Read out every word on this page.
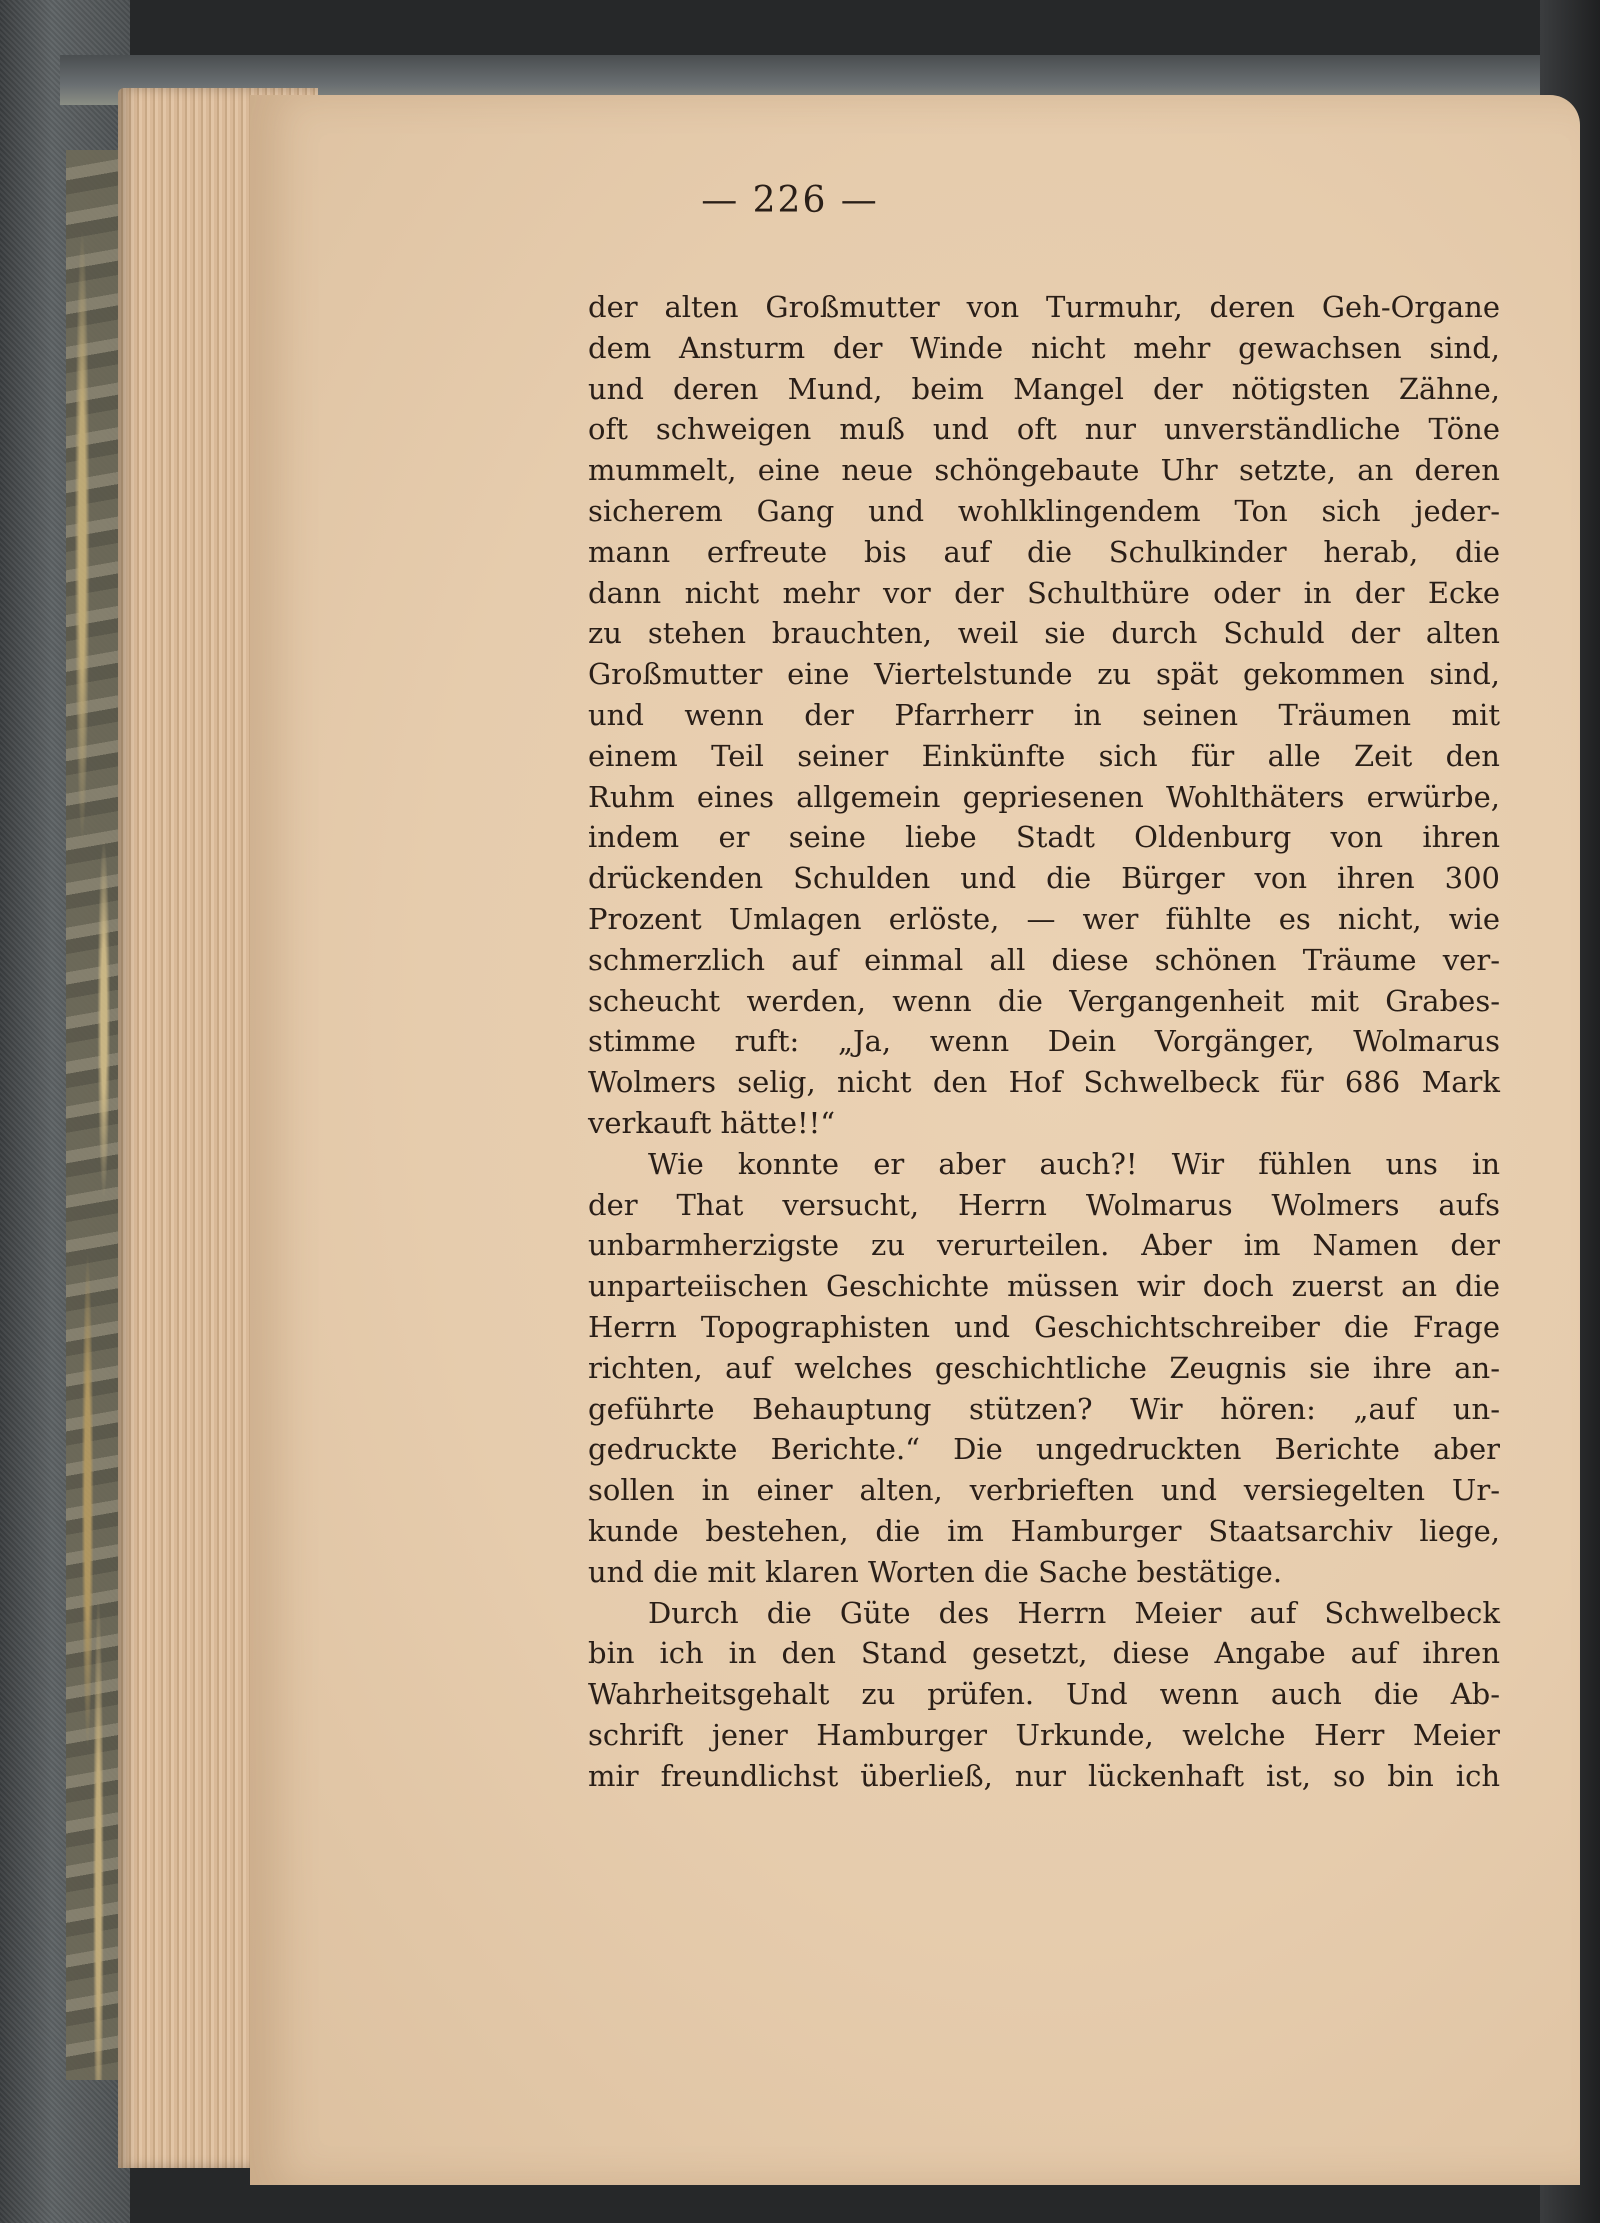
— 226 —
der alten Großmutter von Turmuhr, deren Geh-Organe
dem Ansturm der Winde nicht mehr gewachsen sind,
und deren Mund, beim Mangel der nötigsten Zähne,
oft schweigen muß und oft nur unverständliche Töne
mummelt, eine neue schöngebaute Uhr setzte, an deren
sicherem Gang und wohlklingendem Ton sich jeder-
mann erfreute bis auf die Schulkinder herab, die
dann nicht mehr vor der Schulthüre oder in der Ecke
zu stehen brauchten, weil sie durch Schuld der alten
Großmutter eine Viertelstunde zu spät gekommen sind,
und wenn der Pfarrherr in seinen Träumen mit
einem Teil seiner Einkünfte sich für alle Zeit den
Ruhm eines allgemein gepriesenen Wohlthäters erwürbe,
indem er seine liebe Stadt Oldenburg von ihren
drückenden Schulden und die Bürger von ihren 300
Prozent Umlagen erlöste, — wer fühlte es nicht, wie
schmerzlich auf einmal all diese schönen Träume ver-
scheucht werden, wenn die Vergangenheit mit Grabes-
stimme ruft: „Ja, wenn Dein Vorgänger, Wolmarus
Wolmers selig, nicht den Hof Schwelbeck für 686 Mark
verkauft hätte!!“
Wie konnte er aber auch?! Wir fühlen uns in
der That versucht, Herrn Wolmarus Wolmers aufs
unbarmherzigste zu verurteilen. Aber im Namen der
unparteiischen Geschichte müssen wir doch zuerst an die
Herrn Topographisten und Geschichtschreiber die Frage
richten, auf welches geschichtliche Zeugnis sie ihre an-
geführte Behauptung stützen? Wir hören: „auf un-
gedruckte Berichte.“ Die ungedruckten Berichte aber
sollen in einer alten, verbrieften und versiegelten Ur-
kunde bestehen, die im Hamburger Staatsarchiv liege,
und die mit klaren Worten die Sache bestätige.
Durch die Güte des Herrn Meier auf Schwelbeck
bin ich in den Stand gesetzt, diese Angabe auf ihren
Wahrheitsgehalt zu prüfen. Und wenn auch die Ab-
schrift jener Hamburger Urkunde, welche Herr Meier
mir freundlichst überließ, nur lückenhaft ist, so bin ich
